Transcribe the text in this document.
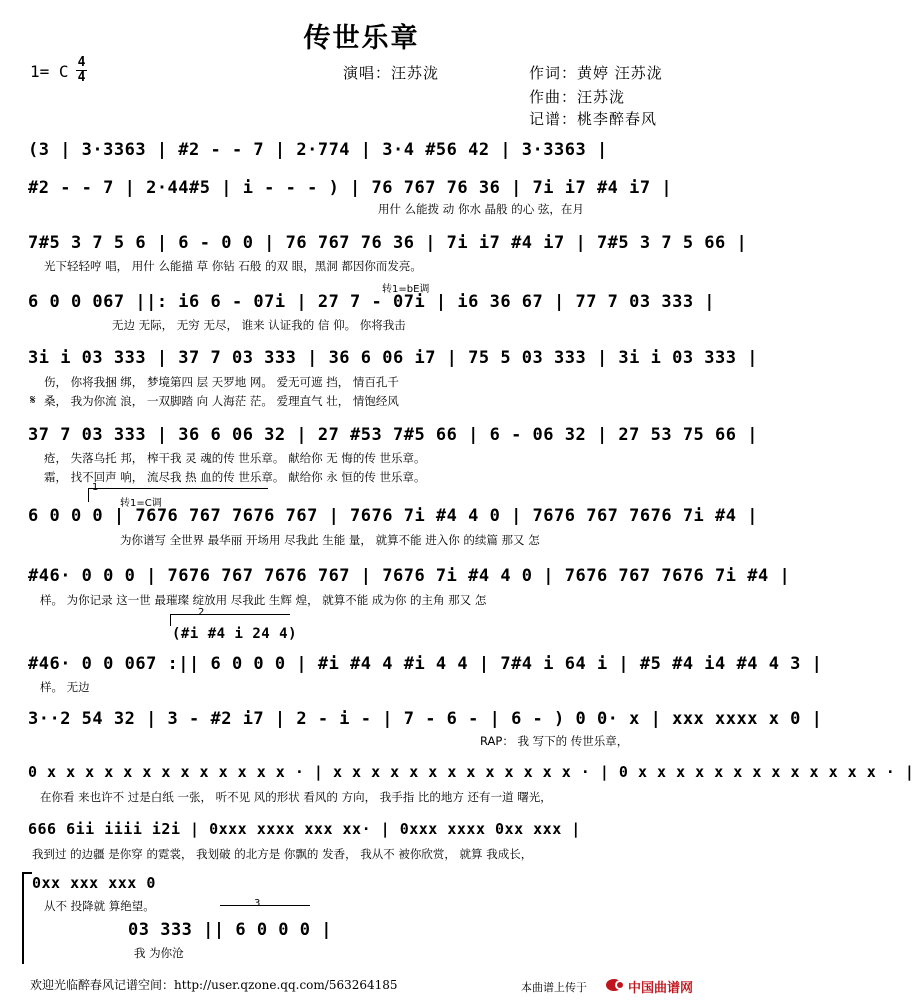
传世乐章
1= C 4
4	演唱：汪苏泷	作词：黄婷 汪苏泷
作曲：汪苏泷
记谱：桃李醉春风
(3 | 3·3363 | #2 - - 7 | 2·774 | 3·4 #56 42 | 3·3363 |
#2 - - 7 | 2·44#5 | i - - - ) | 76 767 76 36 | 7i i7 #4 i7 |
用什 么能拨 动 你水 晶般 的心 弦，在月
7#5 3 7 5 6 | 6 - 0 0 | 76 767 76 36 | 7i i7 #4 i7 | 7#5 3 7 5 66 |
光下轻轻哼 唱， 用什 么能描 草 你钻 石般 的双 眼，黑洞 都因你而发亮。
转1=bE调
6 0 0 067 ||: i6 6 - 07i | 27 7 - 07i | i6 36 67 | 77 7 03 333 |
无边 无际， 无穷 无尽， 谁来 认证我的 信 仰。 你将我击
3i i 03 333 | 37 7 03 333 | 36 6 06 i7 | 75 5 03 333 | 3i i 03 333 |
伤， 你将我捆 绑， 梦境第四 层 天罗地 网。 爱无可遮 挡， 情百孔千
𝄋 桑， 我为你流 浪， 一双脚踏 向 人海茫 茫。 爱理直气 壮， 情饱经风
37 7 03 333 | 36 6 06 32 | 27 #53 7#5 66 | 6 - 06 32 | 27 53 75 66 |
疮， 失落乌托 邦， 榨干我 灵 魂的传 世乐章。 献给你 无 悔的传 世乐章。
霜， 找不回声 响， 流尽我 热 血的传 世乐章。 献给你 永 恒的传 世乐章。
1
转1=C调
6 0 0 0 | 7676 767 7676 767 | 7676 7i #4 4 0 | 7676 767 7676 7i #4 |
为你谱写 全世界 最华丽 开场用 尽我此 生能 量， 就算不能 进入你 的续篇 那又 怎
#46· 0 0 0 | 7676 767 7676 767 | 7676 7i #4 4 0 | 7676 767 7676 7i #4 |
样。 为你记录 这一世 最璀璨 绽放用 尽我此 生辉 煌， 就算不能 成为你 的主角 那又 怎
2
(#i #4 i 24 4)
#46· 0 0 067 :|| 6 0 0 0 | #i #4 4 #i 4 4 | 7#4 i 64 i | #5 #4 i4 #4 4 3 |
样。 无边
3··2 54 32 | 3 - #2 i7 | 2 - i - | 7 - 6 - | 6 - ) 0 0· x | xxx xxxx x 0 |
RAP： 我 写下的 传世乐章，
0 x x x x x x x x x x x x x · | x x x x x x x x x x x x x · | 0 x x x x x x x x x x x x x · |
在你看 来也许不 过是白纸 一张， 听不见 风的形状 看风的 方向， 我手指 比的地方 还有一道 曙光，
666 6ii iiii i2i | 0xxx xxxx xxx xx· | 0xxx xxxx 0xx xxx |
我到过 的边疆 是你穿 的霓裳， 我划破 的北方是 你飘的 发香， 我从不 被你欣赏， 就算 我成长，
0xx xxx xxx 0
从不 投降就 算绝望。	3
03 333 || 6 0 0 0 |
我 为你沧
欢迎光临醉春风记谱空间：http://user.qzone.qq.com/563264185	本曲谱上传于	中国曲谱网
